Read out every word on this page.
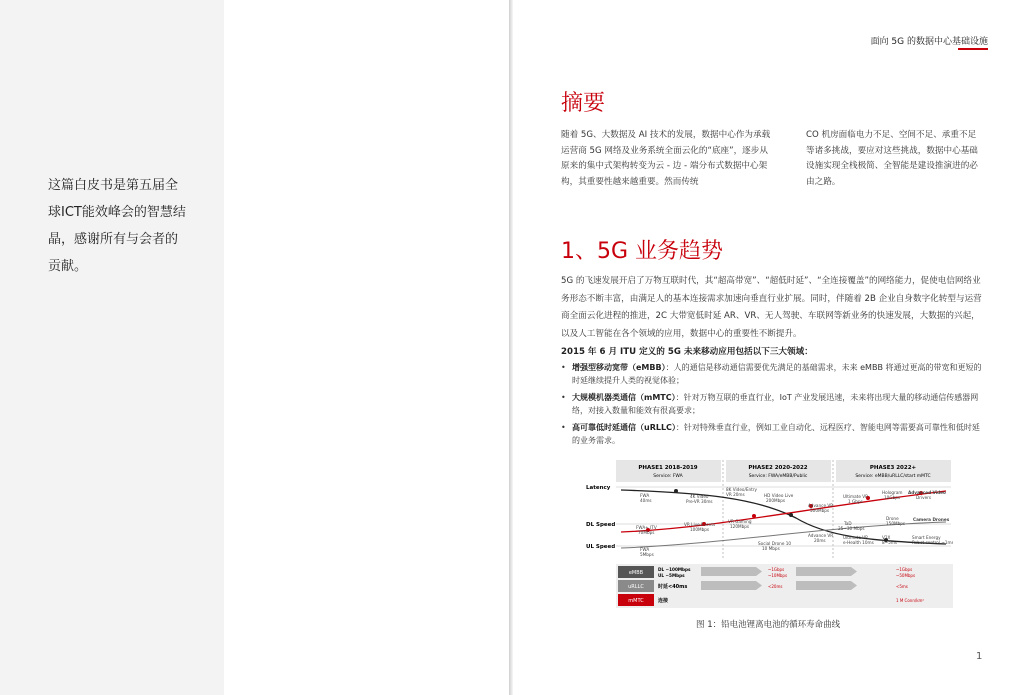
这篇白皮书是第五届全球ICT能效峰会的智慧结晶，感谢所有与会者的贡献。
面向 5G 的数据中心基础设施
摘要
随着 5G、大数据及 AI 技术的发展，数据中心作为承载运营商 5G 网络及业务系统全面云化的“底座”，逐步从原来的集中式架构转变为云 - 边 - 端分布式数据中心架构，其重要性越来越重要。然而传统
CO 机房面临电力不足、空间不足、承重不足等诸多挑战，要应对这些挑战，数据中心基础设施实现全栈极简、全智能是建设推演进的必由之路。
1、5G 业务趋势
5G 的飞速发展开启了万物互联时代，其“超高带宽”、“超低时延”、“全连接覆盖”的网络能力，促使电信网络业务形态不断丰富，由满足人的基本连接需求加速向垂直行业扩展。同时，伴随着 2B 企业自身数字化转型与运营商全面云化进程的推进，2C 大带宽低时延 AR、VR、无人驾驶、车联网等新业务的快速发展，大数据的兴起，以及人工智能在各个领域的应用，数据中心的重要性不断提升。
2015 年 6 月 ITU 定义的 5G 未来移动应用包括以下三大领域：
• 增强型移动宽带（eMBB）：人的通信是移动通信需要优先满足的基础需求，未来 eMBB 将通过更高的带宽和更短的时延继续提升人类的视觉体验；
• 大规模机器类通信（mMTC）：针对万物互联的垂直行业，IoT 产业发展迅速，未来将出现大量的移动通信传感器网络，对接入数量和能效有很高要求；
• 高可靠低时延通信（uRLLC）：针对特殊垂直行业，例如工业自动化、远程医疗、智能电网等需要高可靠性和低时延的业务需求。
PHASE1 2018-2019
Service: FWA
PHASE2 2020-2022
Service: FWA/eMBB/Public
PHASE3 2022+
Service: eMBB/uRLLC/start mMTC
Latency
DL Speed
UL Speed
FWA
40ms
4K Video
Pre-VR 30ms
8K Video/Entry
VR 20ms	HD Video Live
200Mbps
Advance VR
500Mbps
Ultimate VR
1 Gbps
Hologram
10Gbps
Advanced Video
Drivers
FWA+ ITV
70Mbps
VR Live Events
100Mbps
VR Gaming
120Mbps
Advance VR
20ms
Drone
150Mbps
Camera Drones
FWA
5Mbps
Social Drone 10
10 Mbps
Ultimate VR
e-Health 10ms
V2X
8~5ms
Smart Energy
Robot control ~1ms
TaD
25~30 Mbps
eMBB
uRLLC
mMTC
DL ~100Mbps
UL ~5Mbps
时延<40ms
连接
~1Gbps
~10Mbps
<20ms
~1Gbps
~50Mbps
<5ms
1 M Conn/km²
图 1：铅电池锂离电池的循环寿命曲线
1
